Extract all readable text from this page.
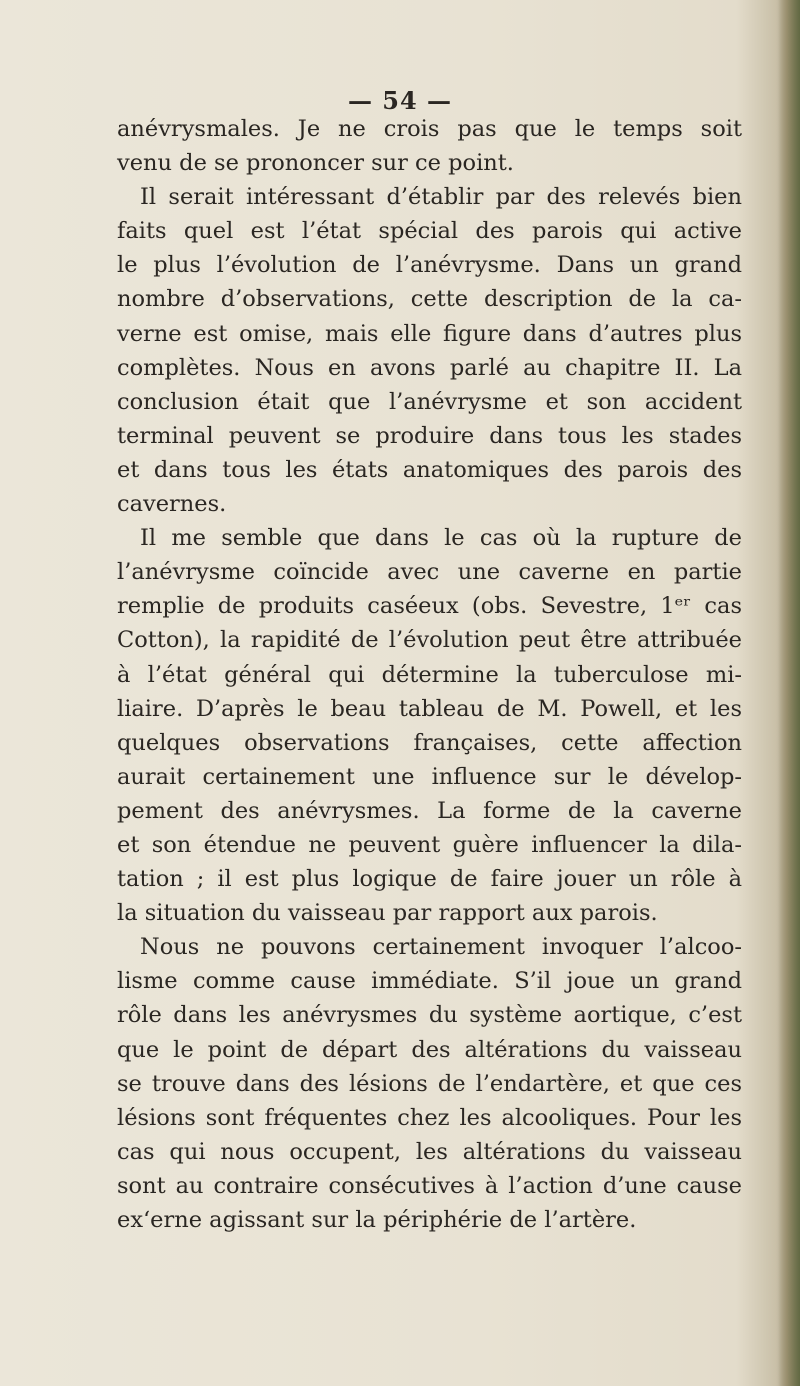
— 54 —
anévrysmales. Je ne crois pas que le temps soit
venu de se prononcer sur ce point.
Il serait intéressant d’établir par des relevés bien
faits quel est l’état spécial des parois qui active
le plus l’évolution de l’anévrysme. Dans un grand
nombre d’observations, cette description de la ca-
verne est omise, mais elle figure dans d’autres plus
complètes. Nous en avons parlé au chapitre II. La
conclusion était que l’anévrysme et son accident
terminal peuvent se produire dans tous les stades
et dans tous les états anatomiques des parois des
cavernes.
Il me semble que dans le cas où la rupture de
l’anévrysme coïncide avec une caverne en partie
remplie de produits caséeux (obs. Sevestre, 1ᵉʳ cas
Cotton), la rapidité de l’évolution peut être attribuée
à l’état général qui détermine la tuberculose mi-
liaire. D’après le beau tableau de M. Powell, et les
quelques observations françaises, cette affection
aurait certainement une influence sur le dévelop-
pement des anévrysmes. La forme de la caverne
et son étendue ne peuvent guère influencer la dila-
tation ; il est plus logique de faire jouer un rôle à
la situation du vaisseau par rapport aux parois.
Nous ne pouvons certainement invoquer l’alcoo-
lisme comme cause immédiate. S’il joue un grand
rôle dans les anévrysmes du système aortique, c’est
que le point de départ des altérations du vaisseau
se trouve dans des lésions de l’endartère, et que ces
lésions sont fréquentes chez les alcooliques. Pour les
cas qui nous occupent, les altérations du vaisseau
sont au contraire consécutives à l’action d’une cause
ex‘erne agissant sur la périphérie de l’artère.
